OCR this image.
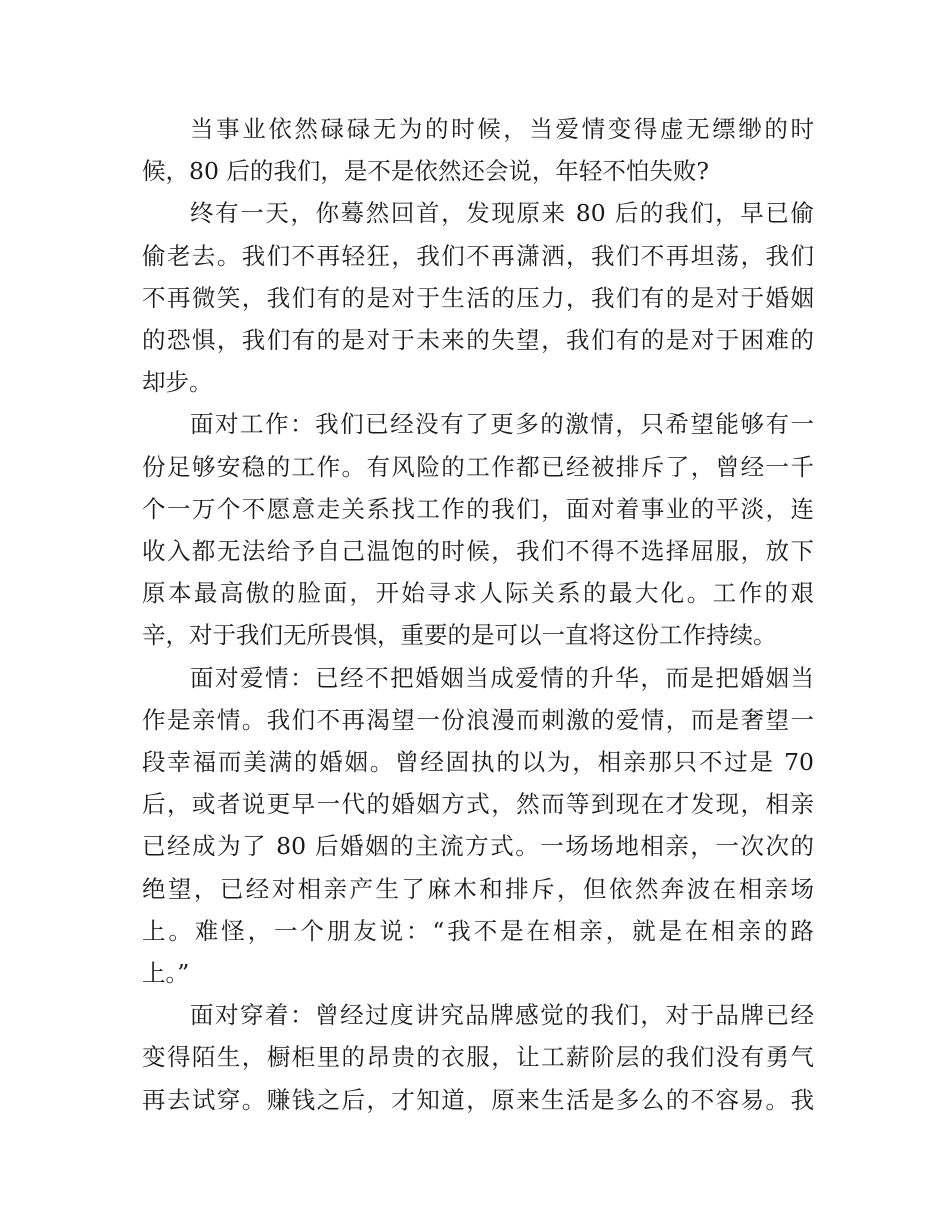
当事业依然碌碌无为的时候，当爱情变得虚无缥缈的时
候，80 后的我们，是不是依然还会说，年轻不怕失败?
终有一天，你蓦然回首，发现原来 80 后的我们，早已偷
偷老去。我们不再轻狂，我们不再潇洒，我们不再坦荡，我们
不再微笑，我们有的是对于生活的压力，我们有的是对于婚姻
的恐惧，我们有的是对于未来的失望，我们有的是对于困难的
却步。
面对工作：我们已经没有了更多的激情，只希望能够有一
份足够安稳的工作。有风险的工作都已经被排斥了，曾经一千
个一万个不愿意走关系找工作的我们，面对着事业的平淡，连
收入都无法给予自己温饱的时候，我们不得不选择屈服，放下
原本最高傲的脸面，开始寻求人际关系的最大化。工作的艰
辛，对于我们无所畏惧，重要的是可以一直将这份工作持续。
面对爱情：已经不把婚姻当成爱情的升华，而是把婚姻当
作是亲情。我们不再渴望一份浪漫而刺激的爱情，而是奢望一
段幸福而美满的婚姻。曾经固执的以为，相亲那只不过是 70
后，或者说更早一代的婚姻方式，然而等到现在才发现，相亲
已经成为了 80 后婚姻的主流方式。一场场地相亲，一次次的
绝望，已经对相亲产生了麻木和排斥，但依然奔波在相亲场
上。难怪，一个朋友说：“我不是在相亲，就是在相亲的路
上。”
面对穿着：曾经过度讲究品牌感觉的我们，对于品牌已经
变得陌生，橱柜里的昂贵的衣服，让工薪阶层的我们没有勇气
再去试穿。赚钱之后，才知道，原来生活是多么的不容易。我
